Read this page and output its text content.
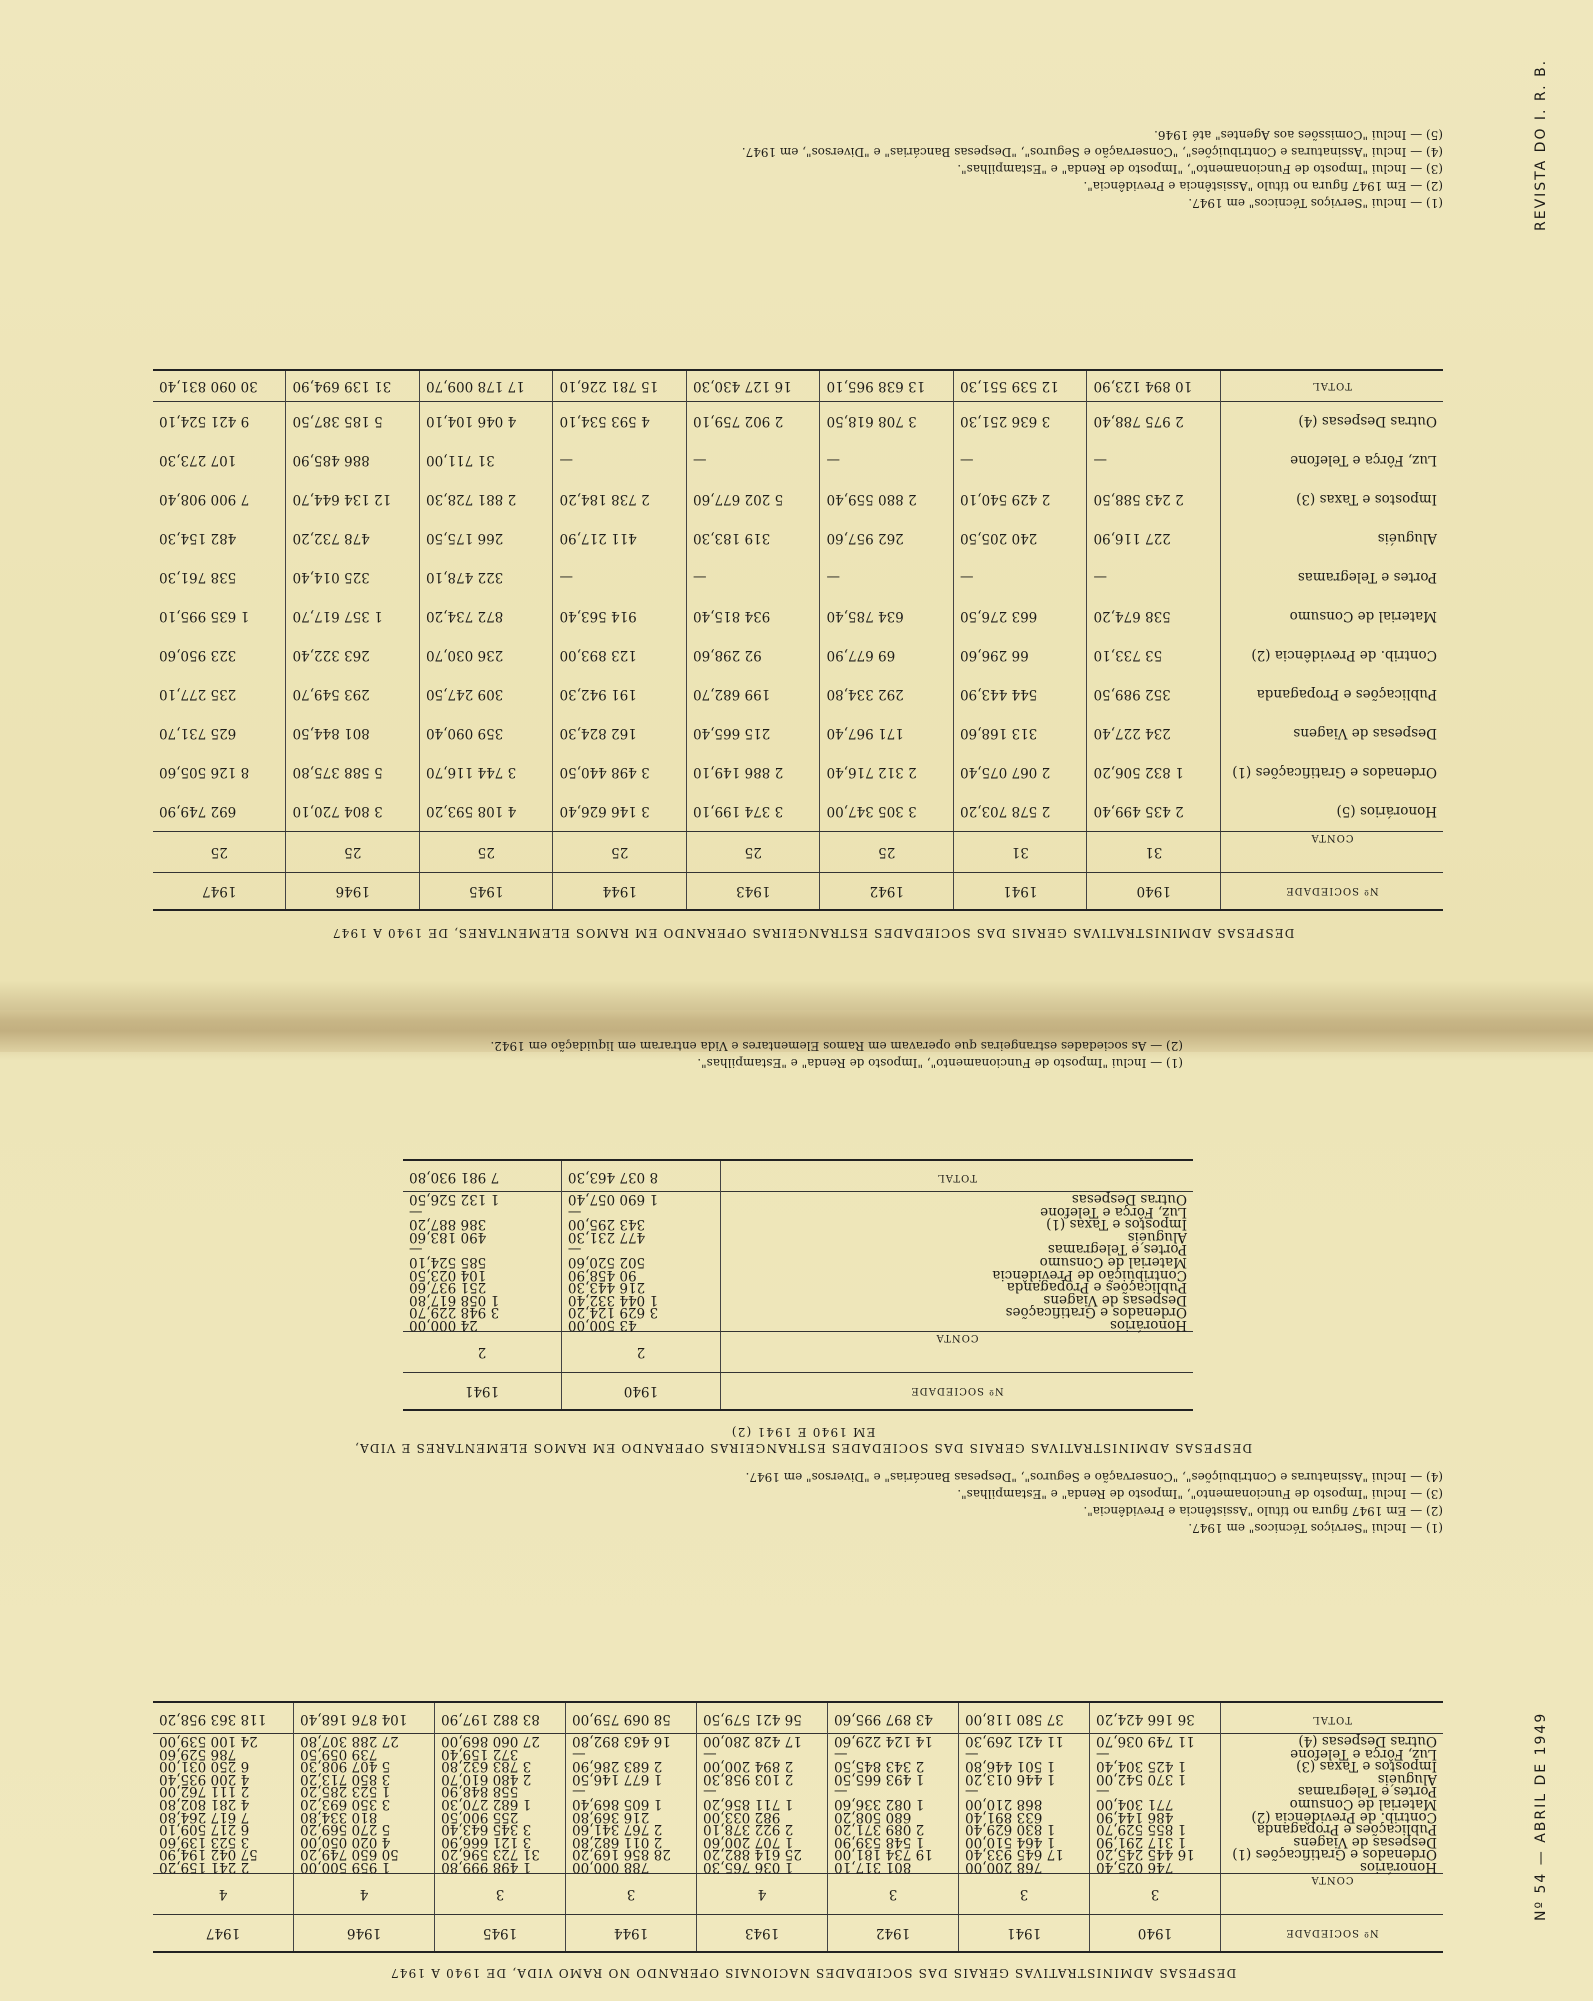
Nº 54 — ABRIL DE 1949
DESPESAS ADMINISTRATIVAS GERAIS DAS SOCIEDADES NACIONAIS OPERANDO NO RAMO VIDA, DE 1940 A 1947
Nº SOCIEDADE	1940	1941	1942	1943	1944	1945	1946	1947
CONTA	3	3	3	4	3	3	4	4
Honorários	746 025,40	768 200,00	801 317,10	1 036 765,30	788 000,00	1 498 999,80	1 959 500,00	2 241 159,20
Ordenados e Gratificações (1)	16 445 245,20	17 645 933,40	19 734 181,00	25 614 882,20	28 856 169,20	31 723 596,20	50 650 749,20	57 042 194,90
Despesas de Viagens	1 317 291,90	1 464 510,00	1 548 539,90	1 707 200,60	2 011 682,80	3 121 666,90	4 020 050,00	3 523 139,60
Publicações e Propaganda	1 855 529,70	1 830 629,40	2 089 371,20	2 922 378,10	2 767 341,60	3 345 643,40	5 270 569,20	6 217 509,10
Contrib. de Previdência (2)	486 144,90	633 891,40	680 508,20	982 033,00	216 369,80	255 900,50	810 334,80	7 617 264,80
Material de Consumo	771 304,00	868 210,00	1 082 336,60	1 711 856,20	1 605 869,40	1 682 270,30	3 350 693,20	4 281 802,80
Portes e Telegramas	—	—	—	—	—	558 848,90	1 523 285,20	2 111 762,00
Aluguéis	1 370 542,00	1 446 013,20	1 493 665,50	2 103 958,30	1 677 146,50	2 480 610,70	3 850 713,20	4 200 935,40
Impostos e Taxas (3)	1 425 304,40	1 501 446,80	2 343 845,50	2 894 200,00	2 683 286,90	3 783 632,80	5 407 908,30	6 250 031,00
Luz, Fôrça e Telefone	—	—	—	—	—	372 159,40	739 059,50	786 529,60
Outras Despesas (4)	11 749 036,70	11 421 269,30	14 124 229,60	17 428 280,00	16 463 892,80	27 060 869,00	27 288 307,80	24 100 539,00
TOTAL	36 166 424,20	37 580 118,00	43 897 995,60	56 421 579,50	58 069 759,00	83 882 197,90	104 876 168,40	118 363 958,20
(1) — Inclui "Serviços Técnicos" em 1947.
(2) — Em 1947 figura no título "Assistência e Previdência".
(3) — Inclui "Imposto de Funcionamento", "Imposto de Renda" e "Estampilhas".
(4) — Inclui "Assinaturas e Contribuições", "Conservação e Seguros", "Despesas Bancárias" e "Diversos" em 1947.
DESPESAS ADMINISTRATIVAS GERAIS DAS SOCIEDADES ESTRANGEIRAS OPERANDO EM RAMOS ELEMENTARES E VIDA, EM 1940 E 1941 (2)
Nº SOCIEDADE	1940	1941
CONTA	2	2
Honorários	43 500,00	24 000,00
Ordenados e Gratificações	3 629 124,20	3 948 229,70
Despesas de Viagens	1 044 332,40	1 058 617,80
Publicações e Propaganda	216 443,30	251 937,60
Contribuição de Previdência	90 458,90	104 023,50
Material de Consumo	502 520,60	585 524,10
Portes e Telegramas	—	—
Aluguéis	477 231,30	490 183,60
Impostos e Taxas (1)	343 295,00	386 887,20
Luz, Fôrça e Telefone	—	—
Outras Despesas	1 690 057,40	1 132 526,50
TOTAL	8 037 463,30	7 981 930,80
(1) — Inclui "Imposto de Funcionamento", "Imposto de Renda" e "Estampilhas".
(2) — As sociedades estrangeiras que operavam em Ramos Elementares e Vida entraram em liquidação em 1942.
REVISTA DO I. R. B.
DESPESAS ADMINISTRATIVAS GERAIS DAS SOCIEDADES ESTRANGEIRAS OPERANDO EM RAMOS ELEMENTARES, DE 1940 A 1947
Nº SOCIEDADE	1940	1941	1942	1943	1944	1945	1946	1947
CONTA	31	31	25	25	25	25	25	25
Honorários (5)	2 435 499,40	2 578 703,20	3 305 347,00	3 374 199,10	3 146 626,40	4 108 593,20	3 804 720,10	692 749,90
Ordenados e Gratificações (1)	1 832 506,20	2 067 075,40	2 312 716,40	2 886 149,10	3 498 440,50	3 744 116,70	5 588 375,80	8 126 505,60
Despesas de Viagens	234 227,40	313 168,60	171 967,40	215 665,40	162 824,30	359 090,40	801 844,50	625 731,70
Publicações e Propaganda	352 989,50	544 443,90	292 334,80	199 682,70	191 942,30	309 247,50	293 549,70	235 277,10
Contrib. de Previdência (2)	53 733,10	66 296,60	69 677,90	92 298,60	123 893,00	236 030,70	263 322,40	323 950,60
Material de Consumo	538 674,20	663 276,50	634 785,40	934 815,40	914 563,40	872 734,20	1 357 617,70	1 635 995,10
Portes e Telegramas	—	—	—	—	—	322 478,10	325 014,40	538 761,30
Aluguéis	227 116,90	240 205,50	262 957,60	319 183,30	411 217,90	266 175,50	478 732,20	482 154,30
Impostos e Taxas (3)	2 243 588,50	2 429 540,10	2 880 559,40	5 202 677,60	2 738 184,20	2 881 728,30	12 134 644,70	7 900 908,40
Luz, Fôrça e Telefone	—	—	—	—	—	31 711,00	886 485,90	107 273,30
Outras Despesas (4)	2 975 788,40	3 636 251,30	3 708 618,50	2 902 759,10	4 593 534,10	4 046 104,10	5 185 387,50	9 421 524,10
TOTAL	10 894 123,90	12 539 551,30	13 638 965,10	16 127 430,30	15 781 226,10	17 178 009,70	31 139 694,90	30 090 831,40
(1) — Inclui "Serviços Técnicos" em 1947.
(2) — Em 1947 figura no título "Assistência e Previdência".
(3) — Inclui "Imposto de Funcionamento", "Imposto de Renda" e "Estampilhas".
(4) — Inclui "Assinaturas e Contribuições", "Conservação e Seguros", "Despesas Bancárias" e "Diversos", em 1947.
(5) — Inclui "Comissões aos Agentes" até 1946.
